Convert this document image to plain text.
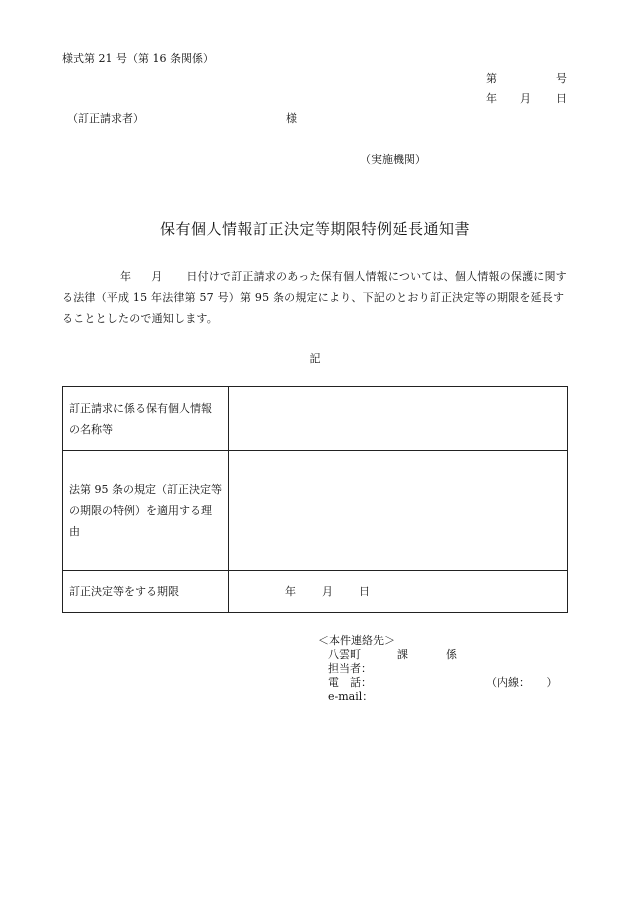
様式第 21 号（第 16 条関係）
第	号
年 月 日
（訂正請求者）	様
（実施機関）
保有個人情報訂正決定等期限特例延長通知書
年 月 日付けで訂正請求のあった保有個人情報については、個人情報の保護に関する法律（平成 15 年法律第 57 号）第 95 条の規定により、下記のとおり訂正決定等の期限を延長することとしたので通知します。
記
訂正請求に係る保有個人情報の名称等	
法第 95 条の規定（訂正決定等の期限の特例）を適用する理由	
訂正決定等をする期限	年 月 日
＜本件連絡先＞
八雲町	課	係
担当者：
電　話：	（内線：　　）
e-mail：
